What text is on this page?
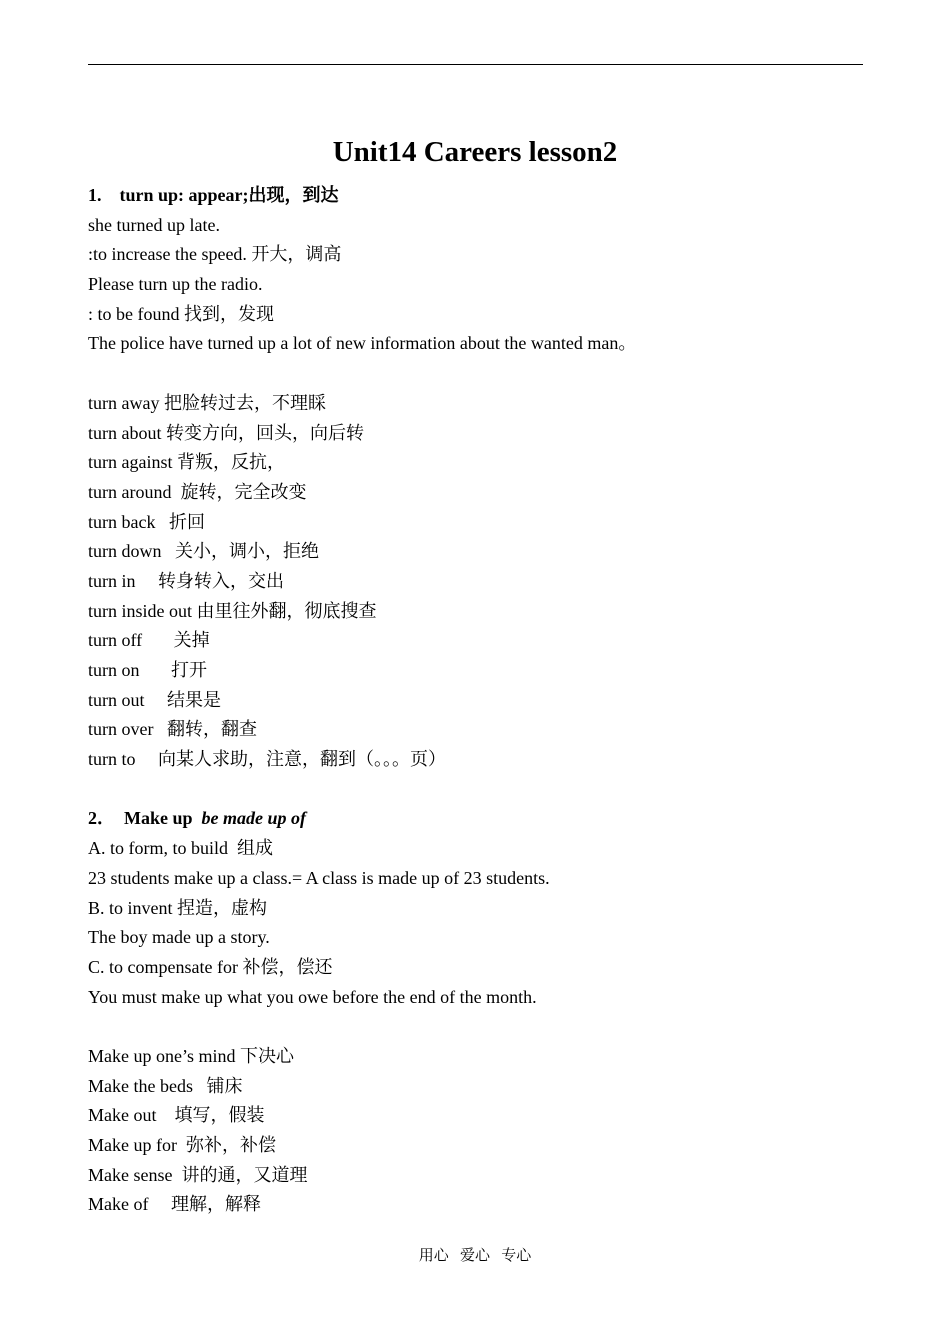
Unit14 Careers lesson2
1.    turn up: appear;出现，到达
she turned up late.
:to increase the speed. 开大，调高
Please turn up the radio.
: to be found 找到，发现
The police have turned up a lot of new information about the wanted man。
turn away 把脸转过去，不理睬
turn about 转变方向，回头，向后转
turn against 背叛，反抗，
turn around  旋转，完全改变
turn back   折回
turn down   关小，调小，拒绝
turn in     转身转入，交出
turn inside out 由里往外翻，彻底搜查
turn off       关掉
turn on       打开
turn out     结果是
turn over   翻转，翻查
turn to     向某人求助，注意，翻到（。。。页）
2．  Make up  be made up of
A. to form, to build  组成
23 students make up a class.= A class is made up of 23 students.
B. to invent 捏造，虚构
The boy made up a story.
C. to compensate for 补偿，偿还
You must make up what you owe before the end of the month.
Make up one’s mind 下决心
Make the beds   铺床
Make out    填写，假装
Make up for  弥补，补偿
Make sense  讲的通，又道理
Make of     理解，解释
用心   爱心   专心
